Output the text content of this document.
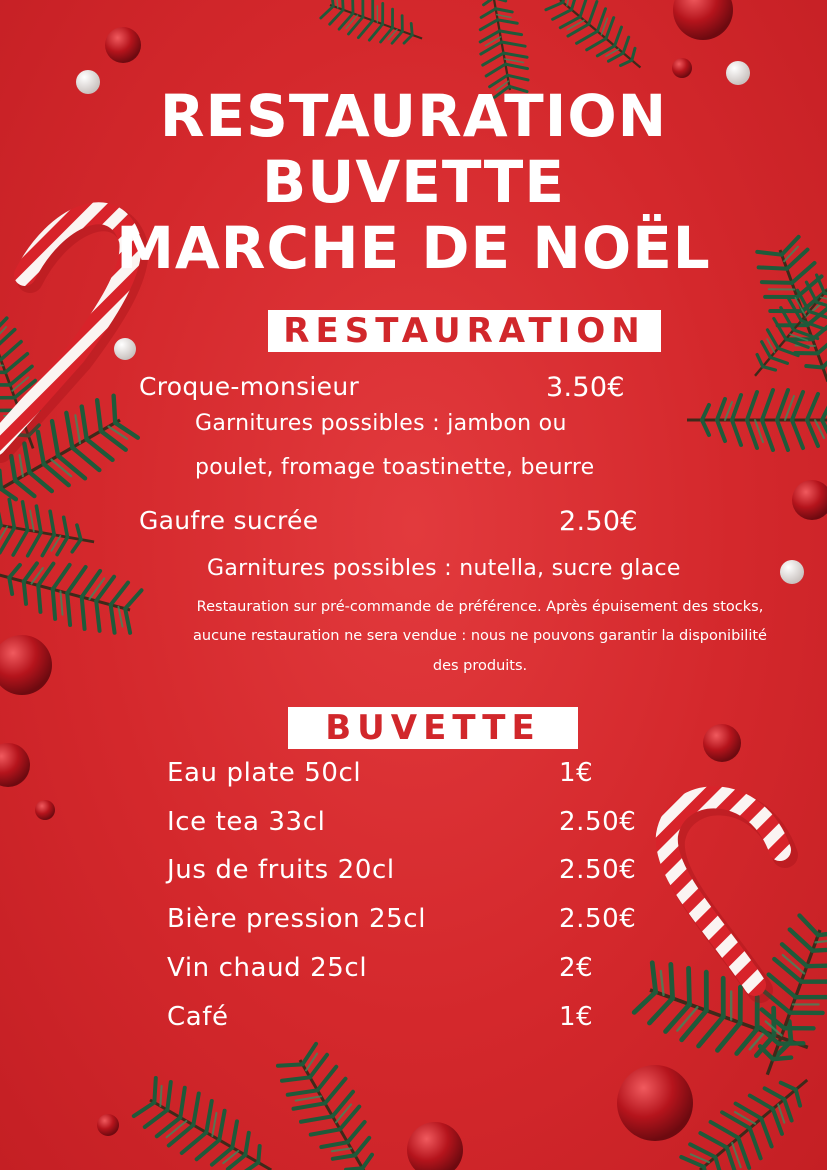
RESTAURATION
BUVETTE
MARCHE DE NOËL
RESTAURATION
Croque-monsieur	3.50€
Garnitures possibles : jambon ou
poulet, fromage toastinette, beurre
Gaufre sucrée	2.50€
Garnitures possibles : nutella, sucre glace
Restauration sur pré-commande de préférence. Après épuisement des stocks,
aucune restauration ne sera vendue : nous ne pouvons garantir la disponibilité
des produits.
BUVETTE
Eau plate 50cl	1€
Ice tea 33cl	2.50€
Jus de fruits 20cl	2.50€
Bière pression 25cl	2.50€
Vin chaud 25cl	2€
Café	1€
